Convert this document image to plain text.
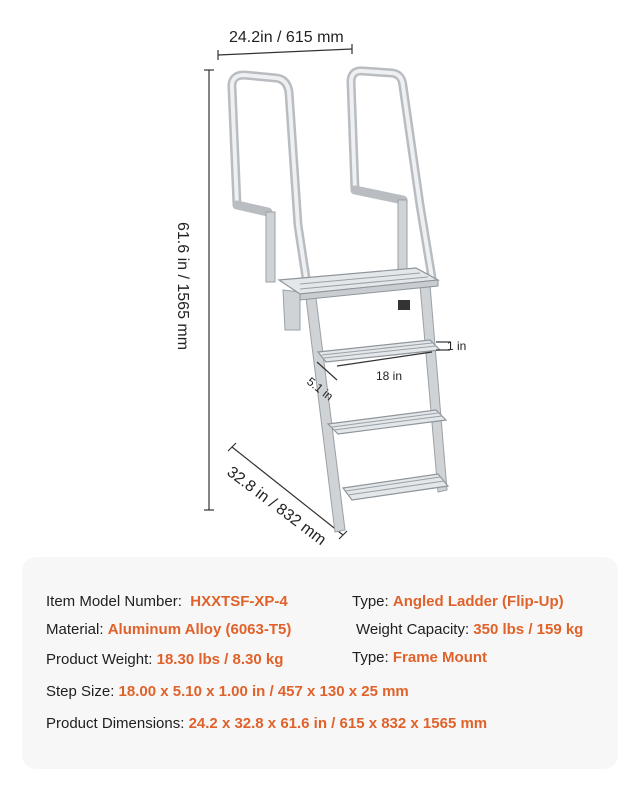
24.2in / 615 mm
61.6 in / 1565 mm
32.8 in / 832 mm
18 in
1 in
5.1 in
Item Model Number: HXXTSF-XP-4	Type: Angled Ladder (Flip-Up)
Material: Aluminum Alloy (6063-T5)	Weight Capacity: 350 lbs / 159 kg
Product Weight: 18.30 lbs / 8.30 kg	Type: Frame Mount
Step Size: 18.00 x 5.10 x 1.00 in / 457 x 130 x 25 mm
Product Dimensions: 24.2 x 32.8 x 61.6 in / 615 x 832 x 1565 mm
